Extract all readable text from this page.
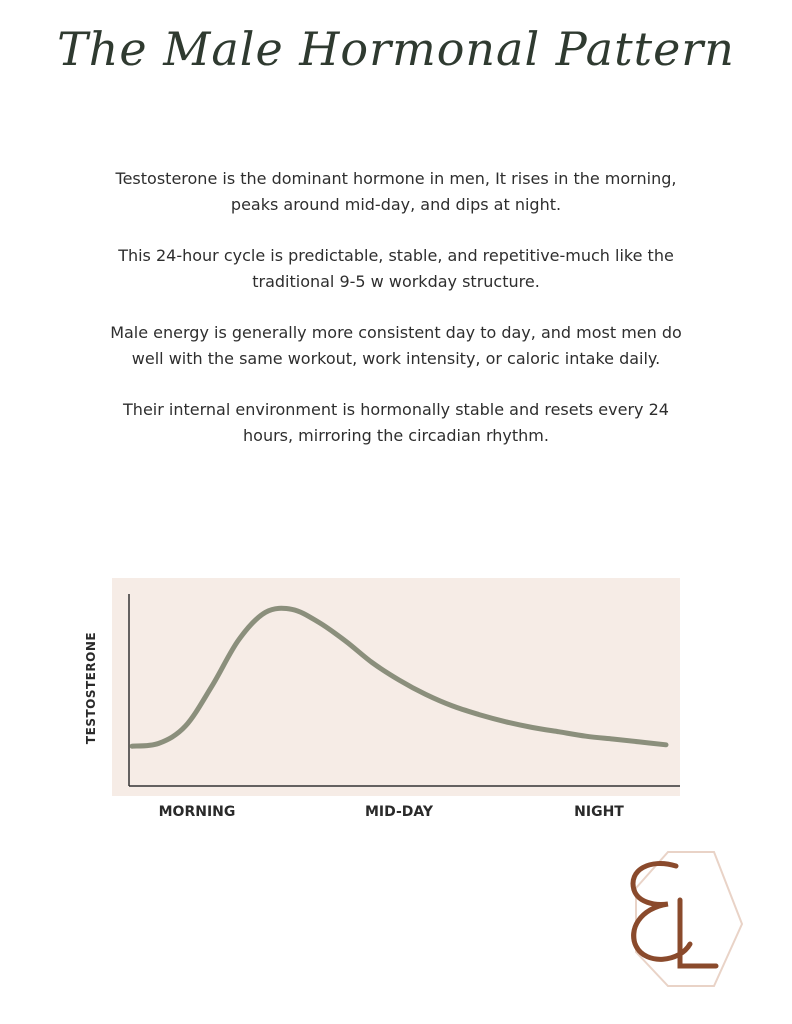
The Male Hormonal Pattern

Testosterone is the dominant hormone in men, It rises in the morning, peaks around mid-day, and dips at night.

This 24-hour cycle is predictable, stable, and repetitive-much like the traditional 9-5 w workday structure.

Male energy is generally more consistent day to day, and most men do well with the same workout, work intensity, or caloric intake daily.

Their internal environment is hormonally stable and resets every 24 hours, mirroring the circadian rhythm.

TESTOSTERONE
MORNING	MID-DAY	NIGHT
